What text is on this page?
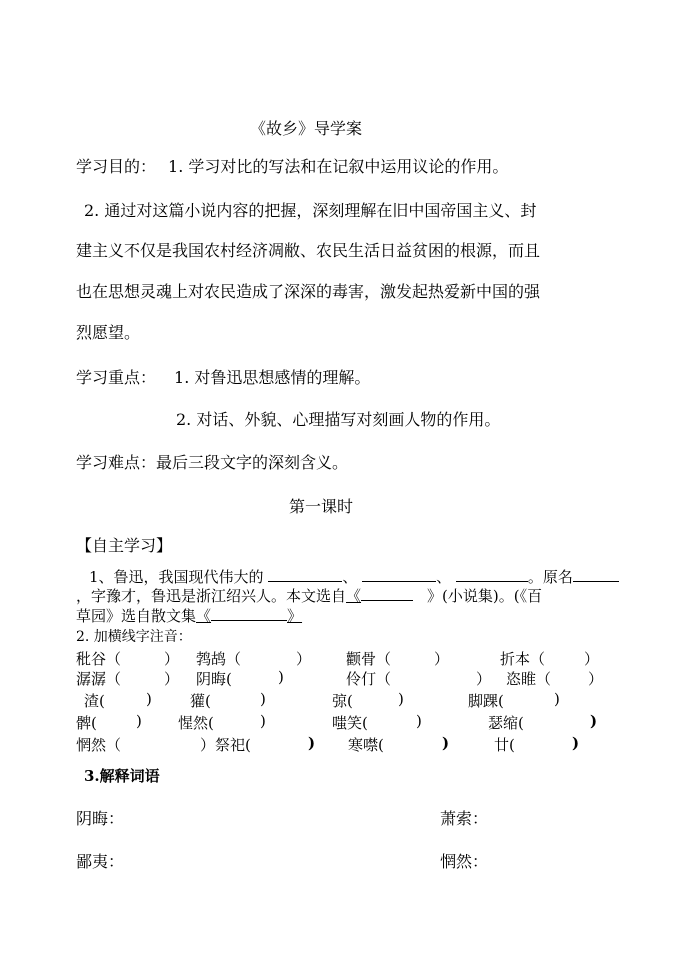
《故乡》导学案
学习目的： 1. 学习对比的写法和在记叙中运用议论的作用。
2. 通过对这篇小说内容的把握，深刻理解在旧中国帝国主义、封
建主义不仅是我国农村经济凋敝、农民生活日益贫困的根源，而且
也在思想灵魂上对农民造成了深深的毒害，激发起热爱新中国的强
烈愿望。
学习重点： 1. 对鲁迅思想感情的理解。
2. 对话、外貌、心理描写对刻画人物的作用。
学习难点：最后三段文字的深刻含义。
第一课时
【自主学习】
1、鲁迅，我国现代伟大的	、	、	。原名
，字豫才，鲁迅是浙江绍兴人。本文选自《	》(小说集)。(《百
草园》选自散文集《	》
2. 加横线字注音：
秕谷（	） 鹁鸪（	） 颧骨（	）	折本（	）
潺潺（	） 阴晦(	)	伶仃（	） 恣睢（ ）
渣(	)	獾(	)	弶(	)	脚踝(	)
髀(	) 惺然(	)	嗤笑(	)	瑟缩(	)
惘然（	）祭祀(	) 寒噤(	)	廿(	)
3.解释词语
阴晦：	萧索：
鄙夷：	惘然：
